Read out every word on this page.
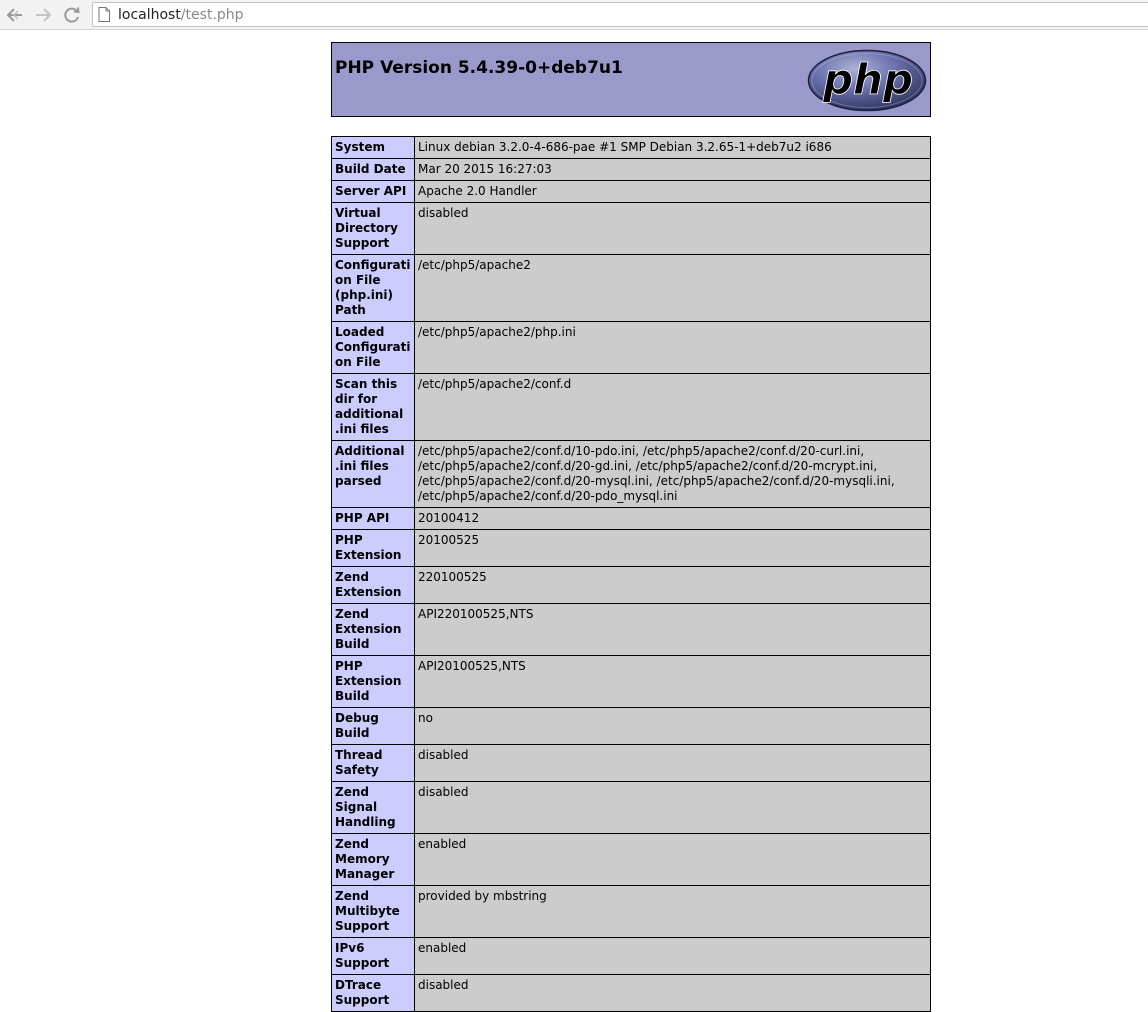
localhost/test.php
PHP Version 5.4.39-0+deb7u1	php
System	Linux debian 3.2.0-4-686-pae #1 SMP Debian 3.2.65-1+deb7u2 i686
Build Date	Mar 20 2015 16:27:03
Server API	Apache 2.0 Handler
Virtual Directory Support	disabled
Configuration File (php.ini) Path	/etc/php5/apache2
Loaded Configuration File	/etc/php5/apache2/php.ini
Scan this dir for additional .ini files	/etc/php5/apache2/conf.d
Additional .ini files parsed	/etc/php5/apache2/conf.d/10-pdo.ini, /etc/php5/apache2/conf.d/20-curl.ini, /etc/php5/apache2/conf.d/20-gd.ini, /etc/php5/apache2/conf.d/20-mcrypt.ini, /etc/php5/apache2/conf.d/20-mysql.ini, /etc/php5/apache2/conf.d/20-mysqli.ini, /etc/php5/apache2/conf.d/20-pdo_mysql.ini
PHP API	20100412
PHP Extension	20100525
Zend Extension	220100525
Zend Extension Build	API220100525,NTS
PHP Extension Build	API20100525,NTS
Debug Build	no
Thread Safety	disabled
Zend Signal Handling	disabled
Zend Memory Manager	enabled
Zend Multibyte Support	provided by mbstring
IPv6 Support	enabled
DTrace Support	disabled
